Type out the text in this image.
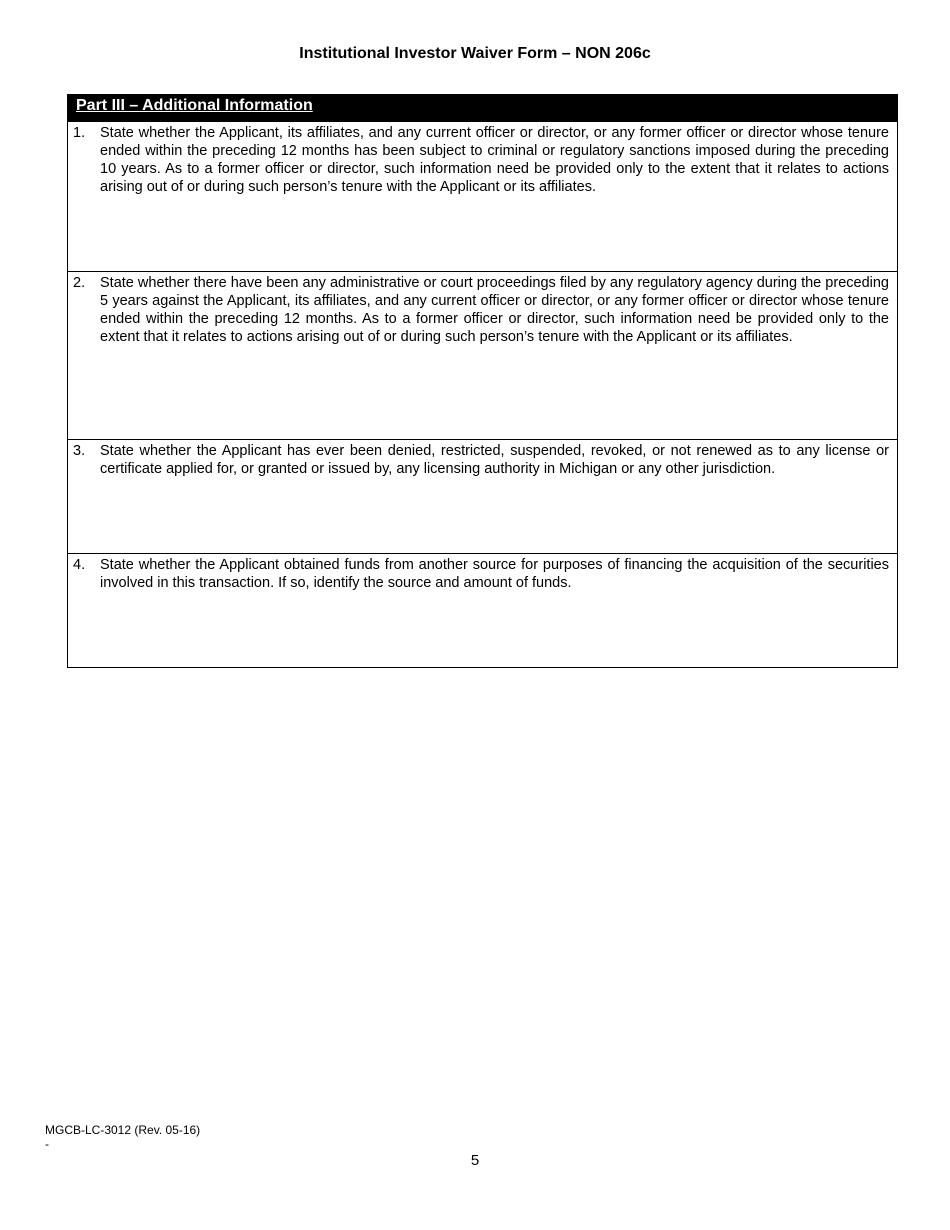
Institutional Investor Waiver Form – NON 206c
Part III – Additional Information
1. State whether the Applicant, its affiliates, and any current officer or director, or any former officer or director whose tenure ended within the preceding 12 months has been subject to criminal or regulatory sanctions imposed during the preceding 10 years. As to a former officer or director, such information need be provided only to the extent that it relates to actions arising out of or during such person’s tenure with the Applicant or its affiliates.
2. State whether there have been any administrative or court proceedings filed by any regulatory agency during the preceding 5 years against the Applicant, its affiliates, and any current officer or director, or any former officer or director whose tenure ended within the preceding 12 months. As to a former officer or director, such information need be provided only to the extent that it relates to actions arising out of or during such person’s tenure with the Applicant or its affiliates.
3. State whether the Applicant has ever been denied, restricted, suspended, revoked, or not renewed as to any license or certificate applied for, or granted or issued by, any licensing authority in Michigan or any other jurisdiction.
4. State whether the Applicant obtained funds from another source for purposes of financing the acquisition of the securities involved in this transaction. If so, identify the source and amount of funds.
MGCB-LC-3012 (Rev. 05-16)
-
5
